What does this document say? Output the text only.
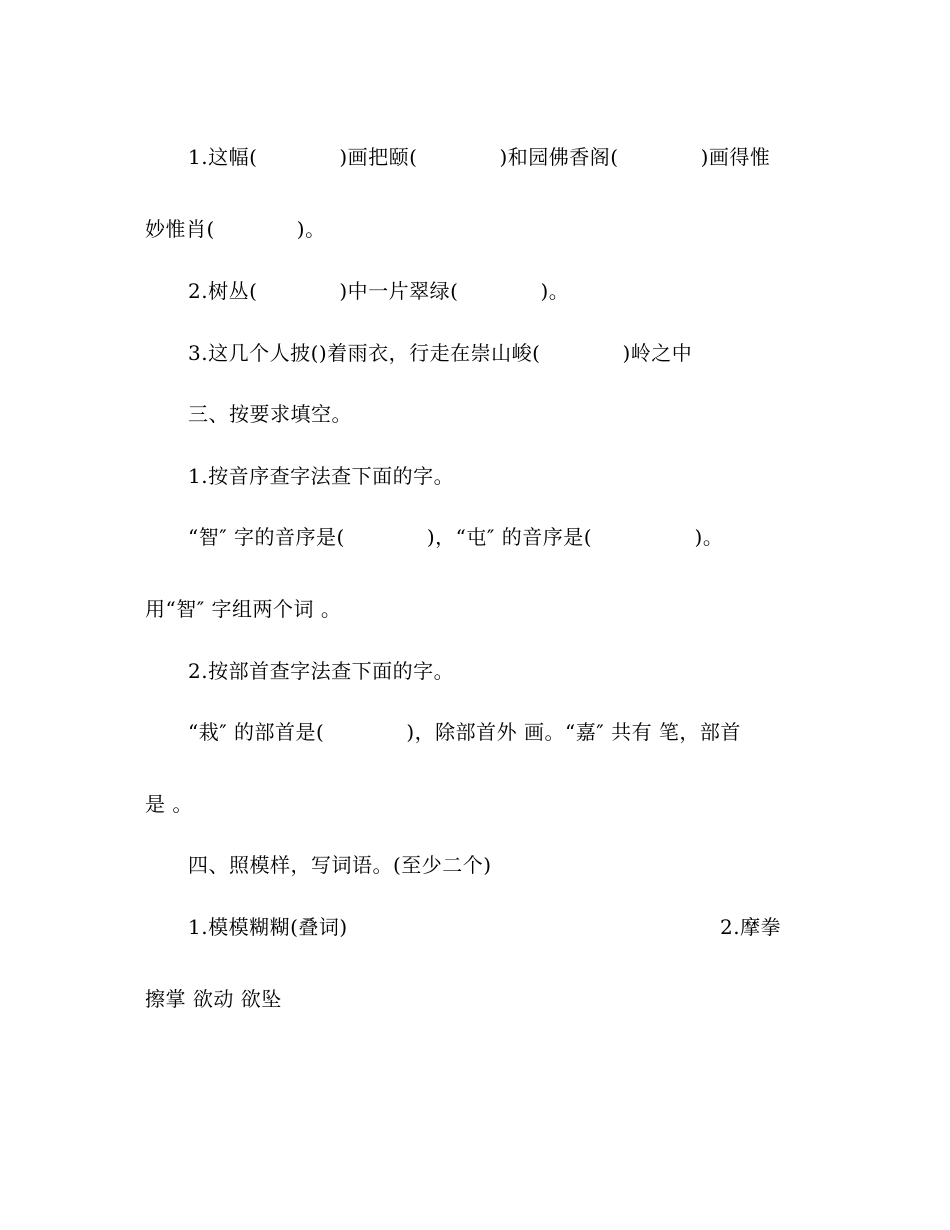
1.这幅(　　　　)画把颐(　　　　)和园佛香阁(　　　　)画得惟

妙惟肖(　　　　)。

2.树丛(　　　　)中一片翠绿(　　　　)。

3.这几个人披()着雨衣，行走在崇山峻(　　　　)岭之中

三、按要求填空。

1.按音序查字法查下面的字。

“智″ 字的音序是(　　　　)，“屯″ 的音序是(　　　　　)。

用“智″ 字组两个词 。

2.按部首查字法查下面的字。

“栽″ 的部首是(　　　　)，除部首外 画。“嘉″ 共有 笔，部首

是 。

四、照模样，写词语。(至少二个)

1.模模糊糊(叠词)	2.摩拳

擦掌 欲动 欲坠
